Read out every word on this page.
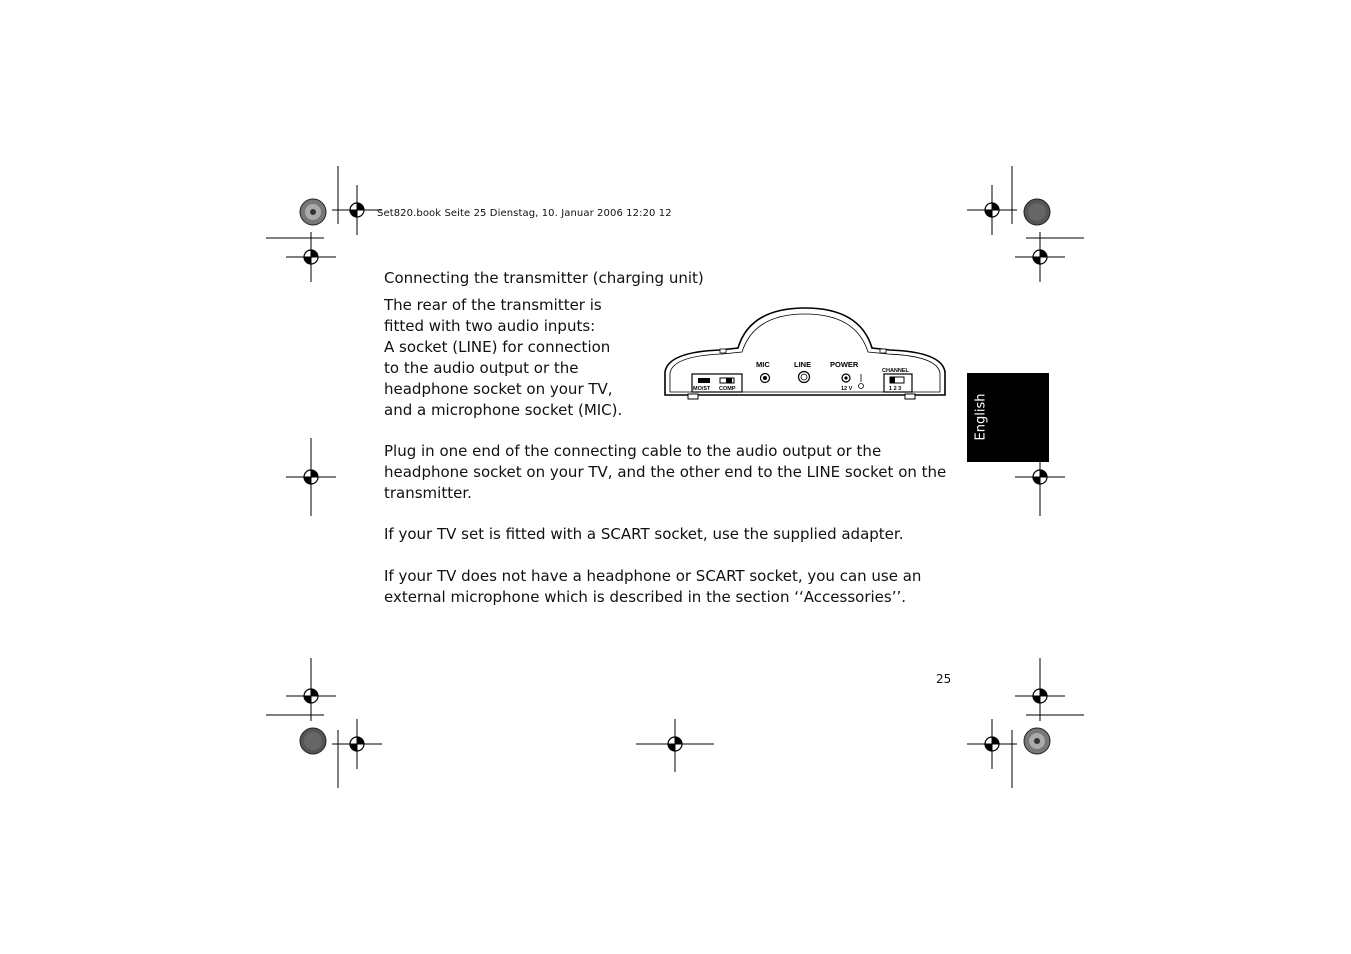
Set820.book Seite 25 Dienstag, 10. Januar 2006 12:20 12
Connecting the transmitter (charging unit)
The rear of the transmitter is
fitted with two audio inputs:
A socket (LINE) for connection
to the audio output or the
headphone socket on your TV,
and a microphone socket (MIC).
MO/ST COMP
MIC	LINE	POWER
12 V
CHANNEL
1 2 3
Plug in one end of the connecting cable to the audio output or the headphone socket on your TV, and the other end to the LINE socket on the transmitter.
If your TV set is fitted with a SCART socket, use the supplied adapter.
If your TV does not have a headphone or SCART socket, you can use an external microphone which is described in the section ‘‘Accessories’’.
English
25
